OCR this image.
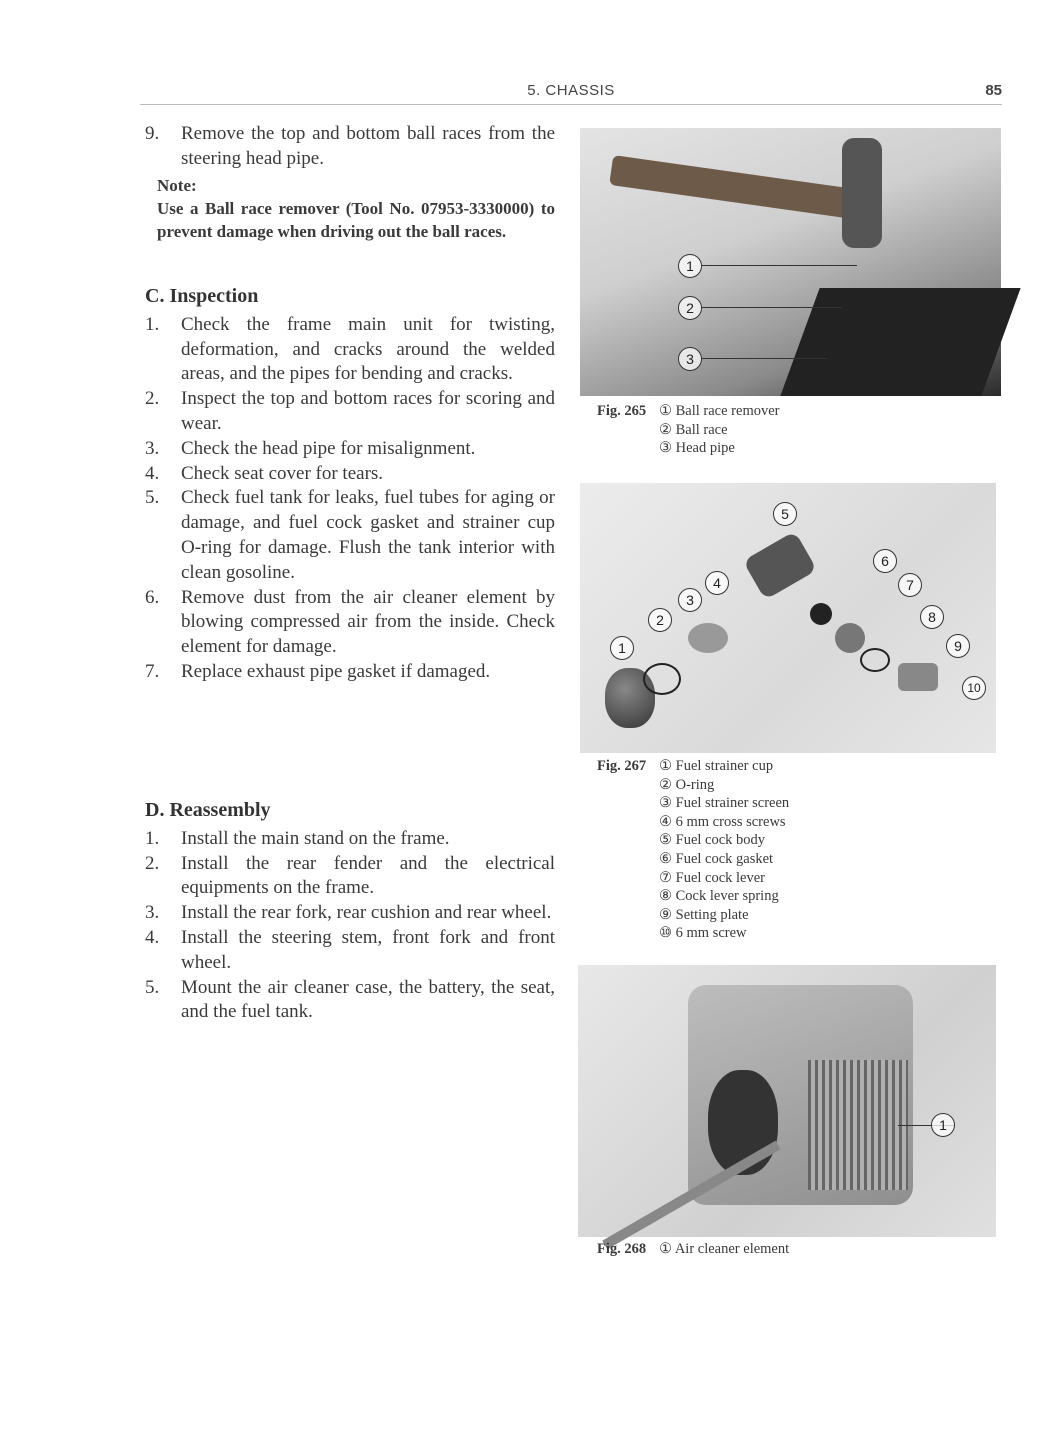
5. CHASSIS	85
9.	Remove the top and bottom ball races from the steering head pipe.
Note:
Use a Ball race remover (Tool No. 07953-3330000) to prevent damage when driving out the ball races.
C. Inspection
1.	Check the frame main unit for twisting, deformation, and cracks around the welded areas, and the pipes for bending and cracks.
2.	Inspect the top and bottom races for scoring and wear.
3.	Check the head pipe for misalignment.
4.	Check seat cover for tears.
5.	Check fuel tank for leaks, fuel tubes for aging or damage, and fuel cock gasket and strainer cup O-ring for damage. Flush the tank interior with clean gosoline.
6.	Remove dust from the air cleaner element by blowing compressed air from the inside. Check element for damage.
7.	Replace exhaust pipe gasket if damaged.
D. Reassembly
1.	Install the main stand on the frame.
2.	Install the rear fender and the electrical equipments on the frame.
3.	Install the rear fork, rear cushion and rear wheel.
4.	Install the steering stem, front fork and front wheel.
5.	Mount the air cleaner case, the battery, the seat, and the fuel tank.
1
2
3
Fig. 265 ① Ball race remover
② Ball race
③ Head pipe
1
2
3
4
5
6
7
8
9
10
Fig. 267 ① Fuel strainer cup
② O-ring
③ Fuel strainer screen
④ 6 mm cross screws
⑤ Fuel cock body
⑥ Fuel cock gasket
⑦ Fuel cock lever
⑧ Cock lever spring
⑨ Setting plate
⑩ 6 mm screw
1
Fig. 268 ① Air cleaner element
